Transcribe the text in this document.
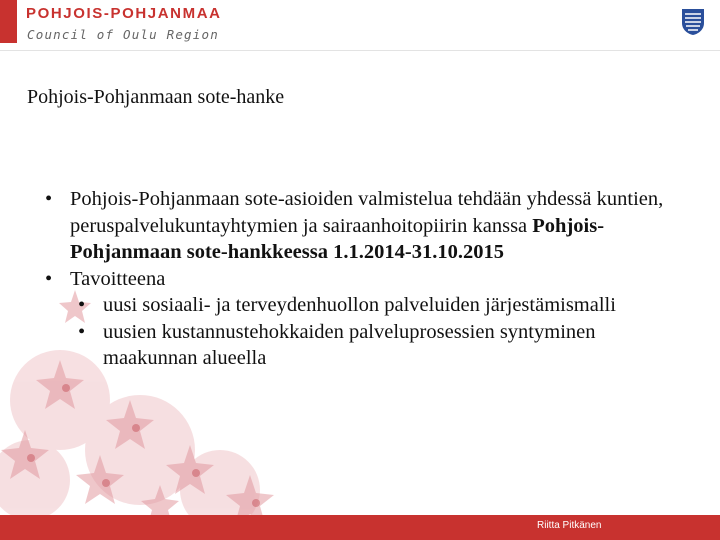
POHJOIS-POHJANMAA
Council of Oulu Region
Pohjois-Pohjanmaan sote-hanke
• Pohjois-Pohjanmaan sote-asioiden valmistelua tehdään yhdessä kuntien, peruspalvelukuntayhtymien ja sairaanhoitopiirin kanssa Pohjois-Pohjanmaan sote-hankkeessa 1.1.2014-31.10.2015
• Tavoitteena
• uusi sosiaali- ja terveydenhuollon palveluiden järjestämismalli
• uusien kustannustehokkaiden palveluprosessien syntyminen maakunnan alueella
Riitta Pitkänen
